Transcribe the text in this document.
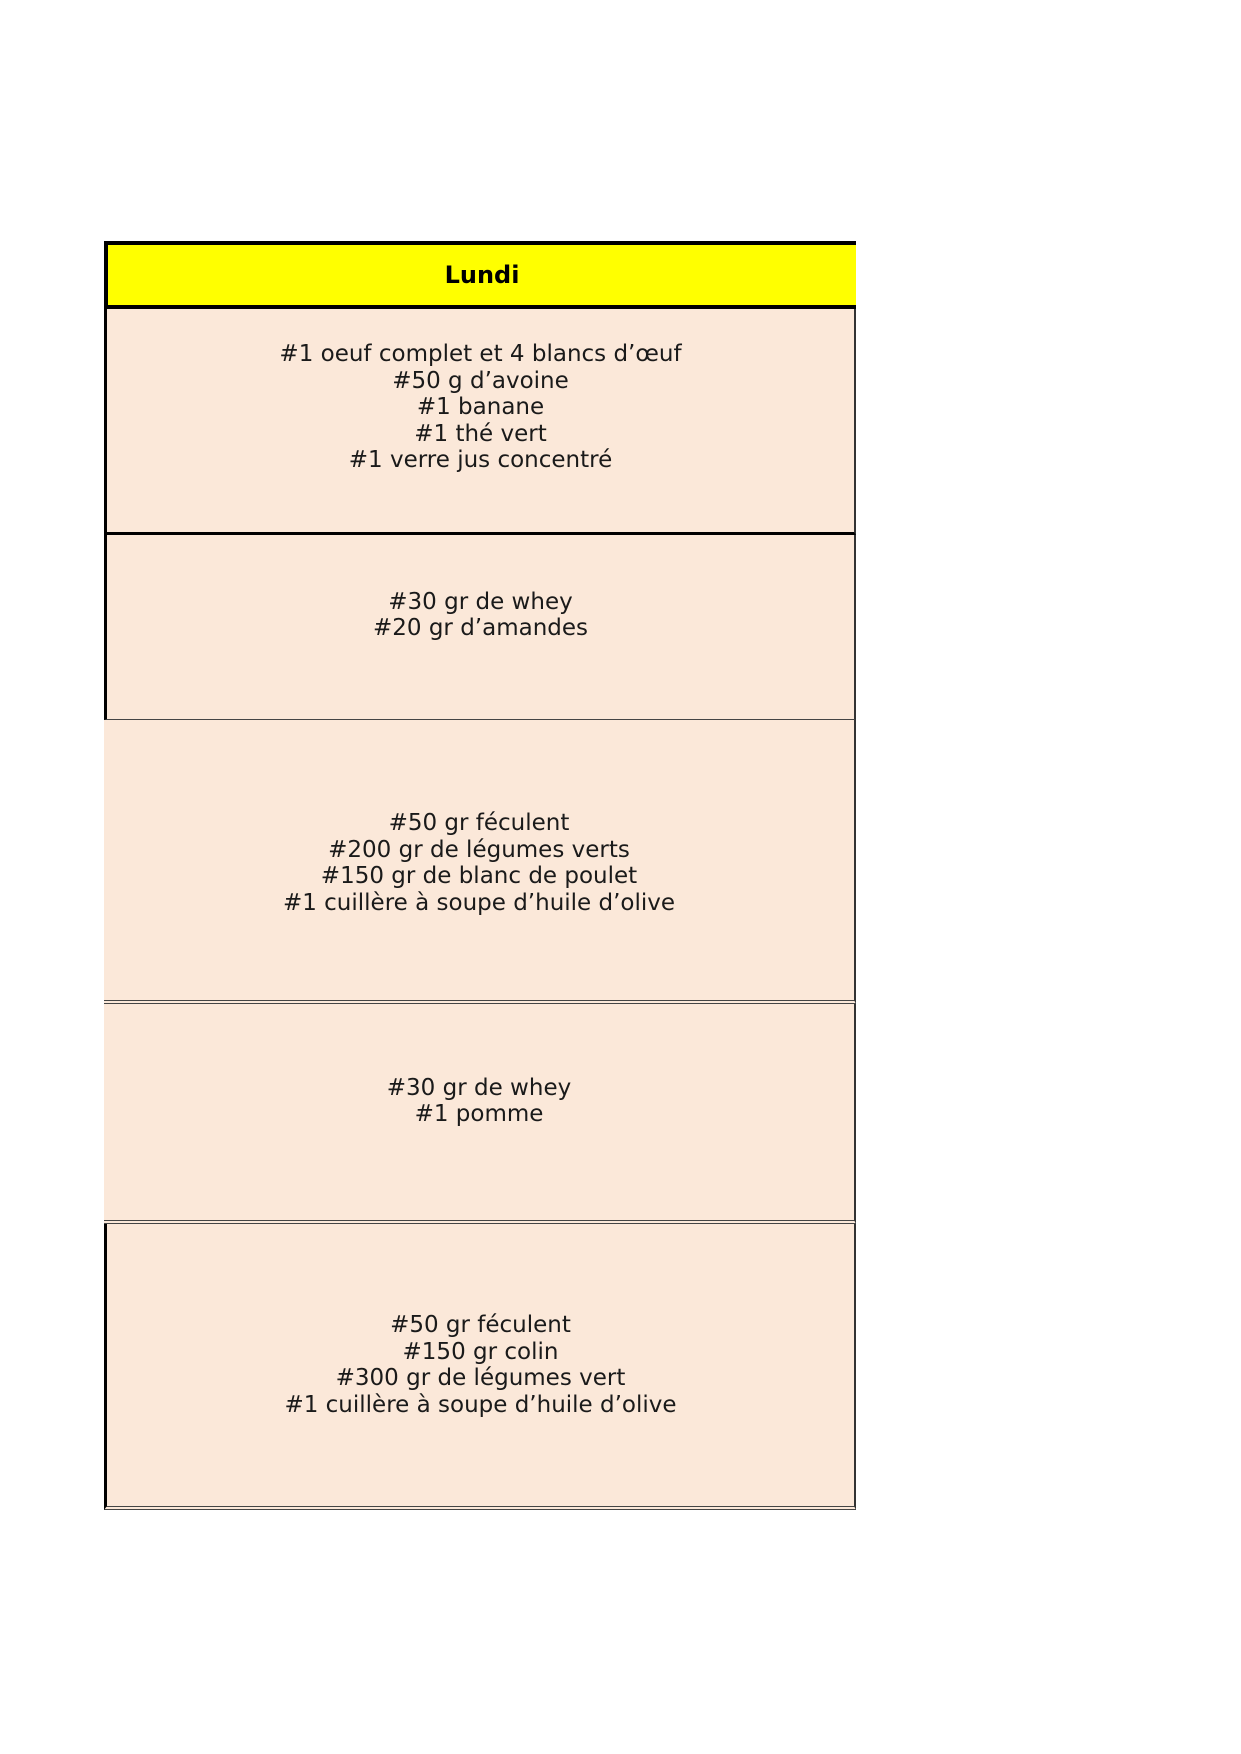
Lundi
#1 oeuf complet et 4 blancs d’œuf
#50 g d’avoine
#1 banane
#1 thé vert
#1 verre jus concentré
#30 gr de whey
#20 gr d’amandes
#50 gr féculent
#200 gr de légumes verts
#150 gr de blanc de poulet
#1 cuillère à soupe d’huile d’olive
#30 gr de whey
#1 pomme
#50 gr féculent
#150 gr colin
#300 gr de légumes vert
#1 cuillère à soupe d’huile d’olive
